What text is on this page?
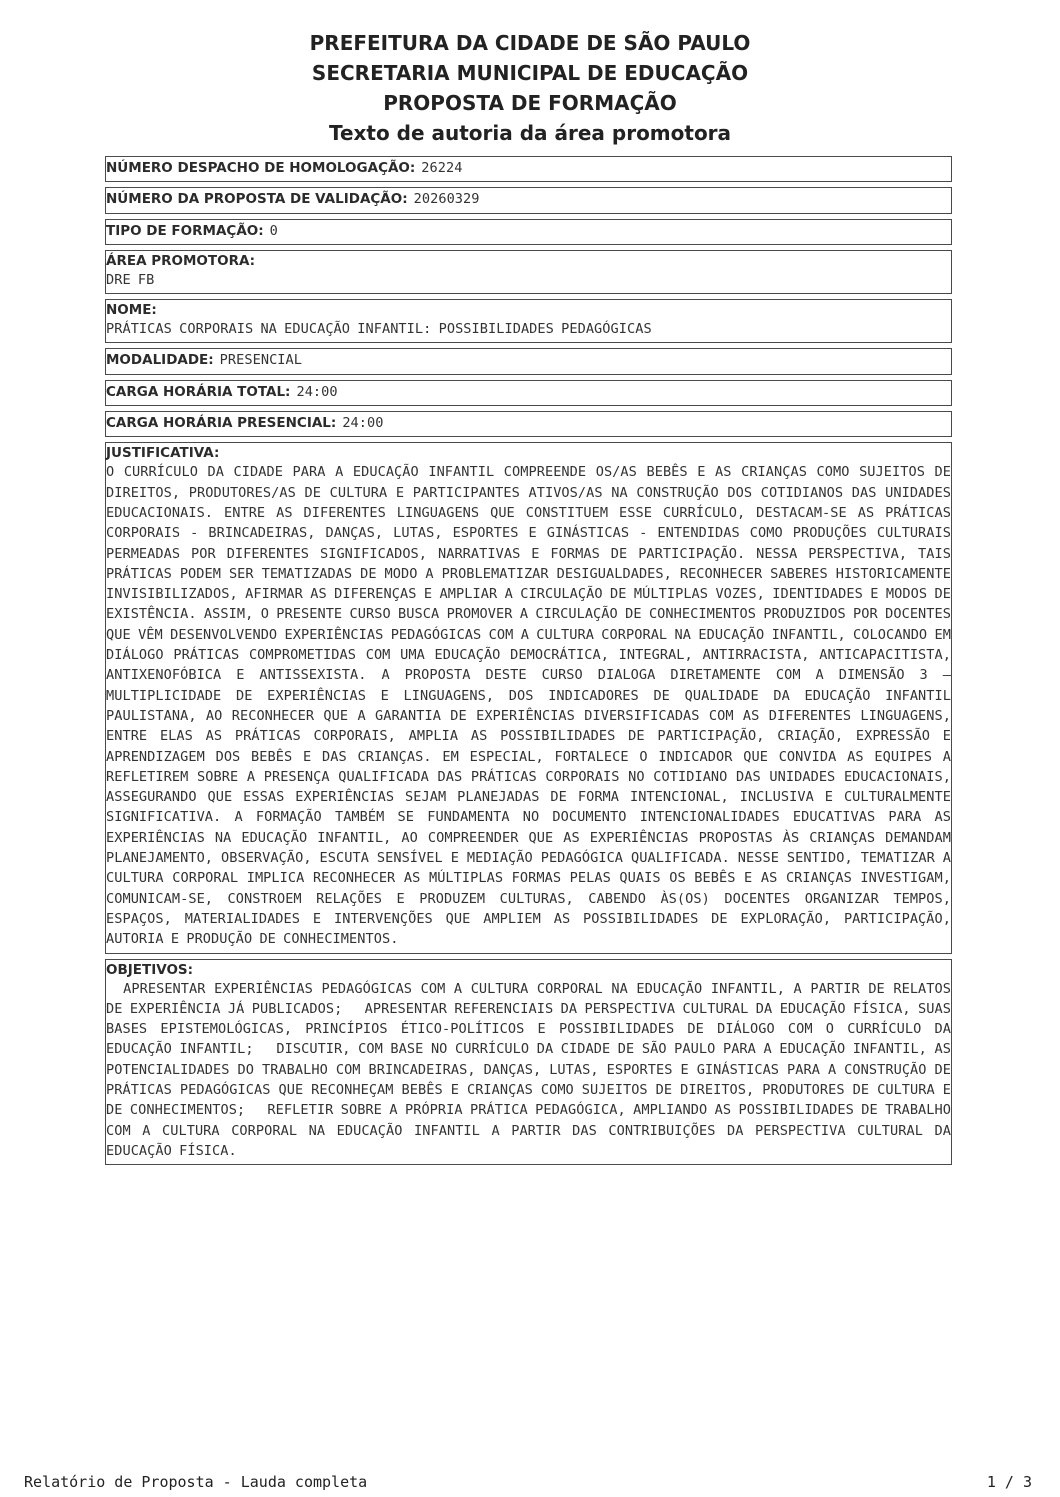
PREFEITURA DA CIDADE DE SÃO PAULO
SECRETARIA MUNICIPAL DE EDUCAÇÃO
PROPOSTA DE FORMAÇÃO
Texto de autoria da área promotora
NÚMERO DESPACHO DE HOMOLOGAÇÃO: 26224
NÚMERO DA PROPOSTA DE VALIDAÇÃO: 20260329
TIPO DE FORMAÇÃO: 0
ÁREA PROMOTORA:
DRE FB
NOME:
PRÁTICAS CORPORAIS NA EDUCAÇÃO INFANTIL: POSSIBILIDADES PEDAGÓGICAS
MODALIDADE: PRESENCIAL
CARGA HORÁRIA TOTAL: 24:00
CARGA HORÁRIA PRESENCIAL: 24:00
JUSTIFICATIVA:
O CURRÍCULO DA CIDADE PARA A EDUCAÇÃO INFANTIL COMPREENDE OS/AS BEBÊS E AS CRIANÇAS COMO SUJEITOS DE DIREITOS, PRODUTORES/AS DE CULTURA E PARTICIPANTES ATIVOS/AS NA CONSTRUÇÃO DOS COTIDIANOS DAS UNIDADES EDUCACIONAIS. ENTRE AS DIFERENTES LINGUAGENS QUE CONSTITUEM ESSE CURRÍCULO, DESTACAM-SE AS PRÁTICAS CORPORAIS - BRINCADEIRAS, DANÇAS, LUTAS, ESPORTES E GINÁSTICAS - ENTENDIDAS COMO PRODUÇÕES CULTURAIS PERMEADAS POR DIFERENTES SIGNIFICADOS, NARRATIVAS E FORMAS DE PARTICIPAÇÃO. NESSA PERSPECTIVA, TAIS PRÁTICAS PODEM SER TEMATIZADAS DE MODO A PROBLEMATIZAR DESIGUALDADES, RECONHECER SABERES HISTORICAMENTE INVISIBILIZADOS, AFIRMAR AS DIFERENÇAS E AMPLIAR A CIRCULAÇÃO DE MÚLTIPLAS VOZES, IDENTIDADES E MODOS DE EXISTÊNCIA. ASSIM, O PRESENTE CURSO BUSCA PROMOVER A CIRCULAÇÃO DE CONHECIMENTOS PRODUZIDOS POR DOCENTES QUE VÊM DESENVOLVENDO EXPERIÊNCIAS PEDAGÓGICAS COM A CULTURA CORPORAL NA EDUCAÇÃO INFANTIL, COLOCANDO EM DIÁLOGO PRÁTICAS COMPROMETIDAS COM UMA EDUCAÇÃO DEMOCRÁTICA, INTEGRAL, ANTIRRACISTA, ANTICAPACITISTA, ANTIXENOFÓBICA E ANTISSEXISTA. A PROPOSTA DESTE CURSO DIALOGA DIRETAMENTE COM A DIMENSÃO 3 — MULTIPLICIDADE DE EXPERIÊNCIAS E LINGUAGENS, DOS INDICADORES DE QUALIDADE DA EDUCAÇÃO INFANTIL PAULISTANA, AO RECONHECER QUE A GARANTIA DE EXPERIÊNCIAS DIVERSIFICADAS COM AS DIFERENTES LINGUAGENS, ENTRE ELAS AS PRÁTICAS CORPORAIS, AMPLIA AS POSSIBILIDADES DE PARTICIPAÇÃO, CRIAÇÃO, EXPRESSÃO E APRENDIZAGEM DOS BEBÊS E DAS CRIANÇAS. EM ESPECIAL, FORTALECE O INDICADOR QUE CONVIDA AS EQUIPES A REFLETIREM SOBRE A PRESENÇA QUALIFICADA DAS PRÁTICAS CORPORAIS NO COTIDIANO DAS UNIDADES EDUCACIONAIS, ASSEGURANDO QUE ESSAS EXPERIÊNCIAS SEJAM PLANEJADAS DE FORMA INTENCIONAL, INCLUSIVA E CULTURALMENTE SIGNIFICATIVA. A FORMAÇÃO TAMBÉM SE FUNDAMENTA NO DOCUMENTO INTENCIONALIDADES EDUCATIVAS PARA AS EXPERIÊNCIAS NA EDUCAÇÃO INFANTIL, AO COMPREENDER QUE AS EXPERIÊNCIAS PROPOSTAS ÀS CRIANÇAS DEMANDAM PLANEJAMENTO, OBSERVAÇÃO, ESCUTA SENSÍVEL E MEDIAÇÃO PEDAGÓGICA QUALIFICADA. NESSE SENTIDO, TEMATIZAR A CULTURA CORPORAL IMPLICA RECONHECER AS MÚLTIPLAS FORMAS PELAS QUAIS OS BEBÊS E AS CRIANÇAS INVESTIGAM, COMUNICAM-SE, CONSTROEM RELAÇÕES E PRODUZEM CULTURAS, CABENDO ÀS(OS) DOCENTES ORGANIZAR TEMPOS, ESPAÇOS, MATERIALIDADES E INTERVENÇÕES QUE AMPLIEM AS POSSIBILIDADES DE EXPLORAÇÃO, PARTICIPAÇÃO, AUTORIA E PRODUÇÃO DE CONHECIMENTOS.
OBJETIVOS:
APRESENTAR EXPERIÊNCIAS PEDAGÓGICAS COM A CULTURA CORPORAL NA EDUCAÇÃO INFANTIL, A PARTIR DE RELATOS DE EXPERIÊNCIA JÁ PUBLICADOS;   APRESENTAR REFERENCIAIS DA PERSPECTIVA CULTURAL DA EDUCAÇÃO FÍSICA, SUAS BASES EPISTEMOLÓGICAS, PRINCÍPIOS ÉTICO-POLÍTICOS E POSSIBILIDADES DE DIÁLOGO COM O CURRÍCULO DA EDUCAÇÃO INFANTIL;   DISCUTIR, COM BASE NO CURRÍCULO DA CIDADE DE SÃO PAULO PARA A EDUCAÇÃO INFANTIL, AS POTENCIALIDADES DO TRABALHO COM BRINCADEIRAS, DANÇAS, LUTAS, ESPORTES E GINÁSTICAS PARA A CONSTRUÇÃO DE PRÁTICAS PEDAGÓGICAS QUE RECONHEÇAM BEBÊS E CRIANÇAS COMO SUJEITOS DE DIREITOS, PRODUTORES DE CULTURA E DE CONHECIMENTOS;   REFLETIR SOBRE A PRÓPRIA PRÁTICA PEDAGÓGICA, AMPLIANDO AS POSSIBILIDADES DE TRABALHO COM A CULTURA CORPORAL NA EDUCAÇÃO INFANTIL A PARTIR DAS CONTRIBUIÇÕES DA PERSPECTIVA CULTURAL DA EDUCAÇÃO FÍSICA.
Relatório de Proposta - Lauda completa	1 / 3
